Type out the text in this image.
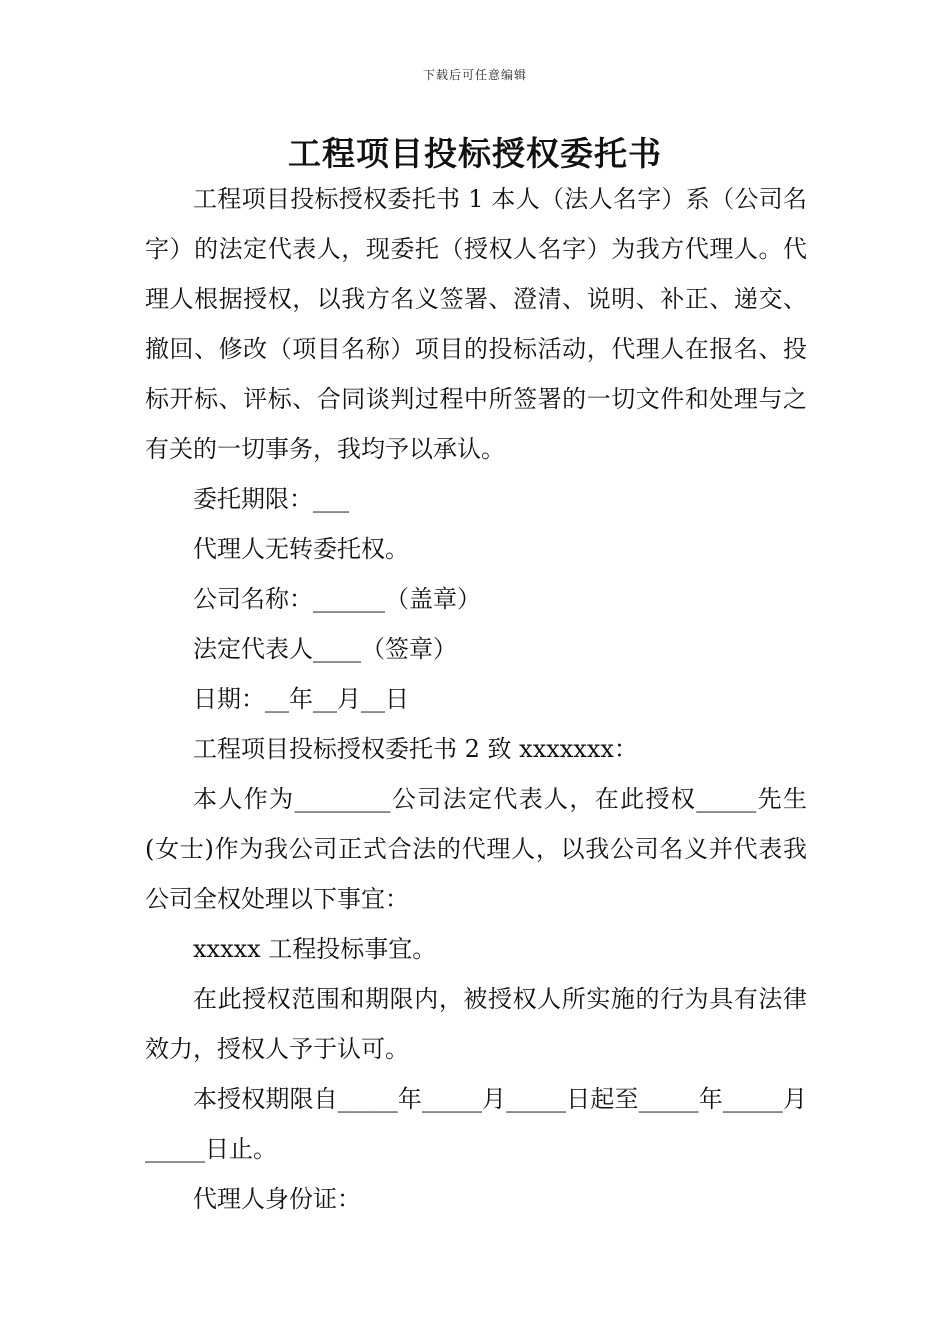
下载后可任意编辑
工程项目投标授权委托书

工程项目投标授权委托书 1 本人（法人名字）系（公司名字）的法定代表人，现委托（授权人名字）为我方代理人。代理人根据授权，以我方名义签署、澄清、说明、补正、递交、撤回、修改（项目名称）项目的投标活动，代理人在报名、投标开标、评标、合同谈判过程中所签署的一切文件和处理与之有关的一切事务，我均予以承认。

委托期限：___

代理人无转委托权。

公司名称：______（盖章）

法定代表人____（签章）

日期：__年__月__日

工程项目投标授权委托书 2 致 xxxxxxx：

本人作为________公司法定代表人，在此授权_____先生(女士)作为我公司正式合法的代理人，以我公司名义并代表我公司全权处理以下事宜：

xxxxx 工程投标事宜。

在此授权范围和期限内，被授权人所实施的行为具有法律效力，授权人予于认可。

本授权期限自_____年_____月_____日起至_____年_____月_____日止。

代理人身份证：
